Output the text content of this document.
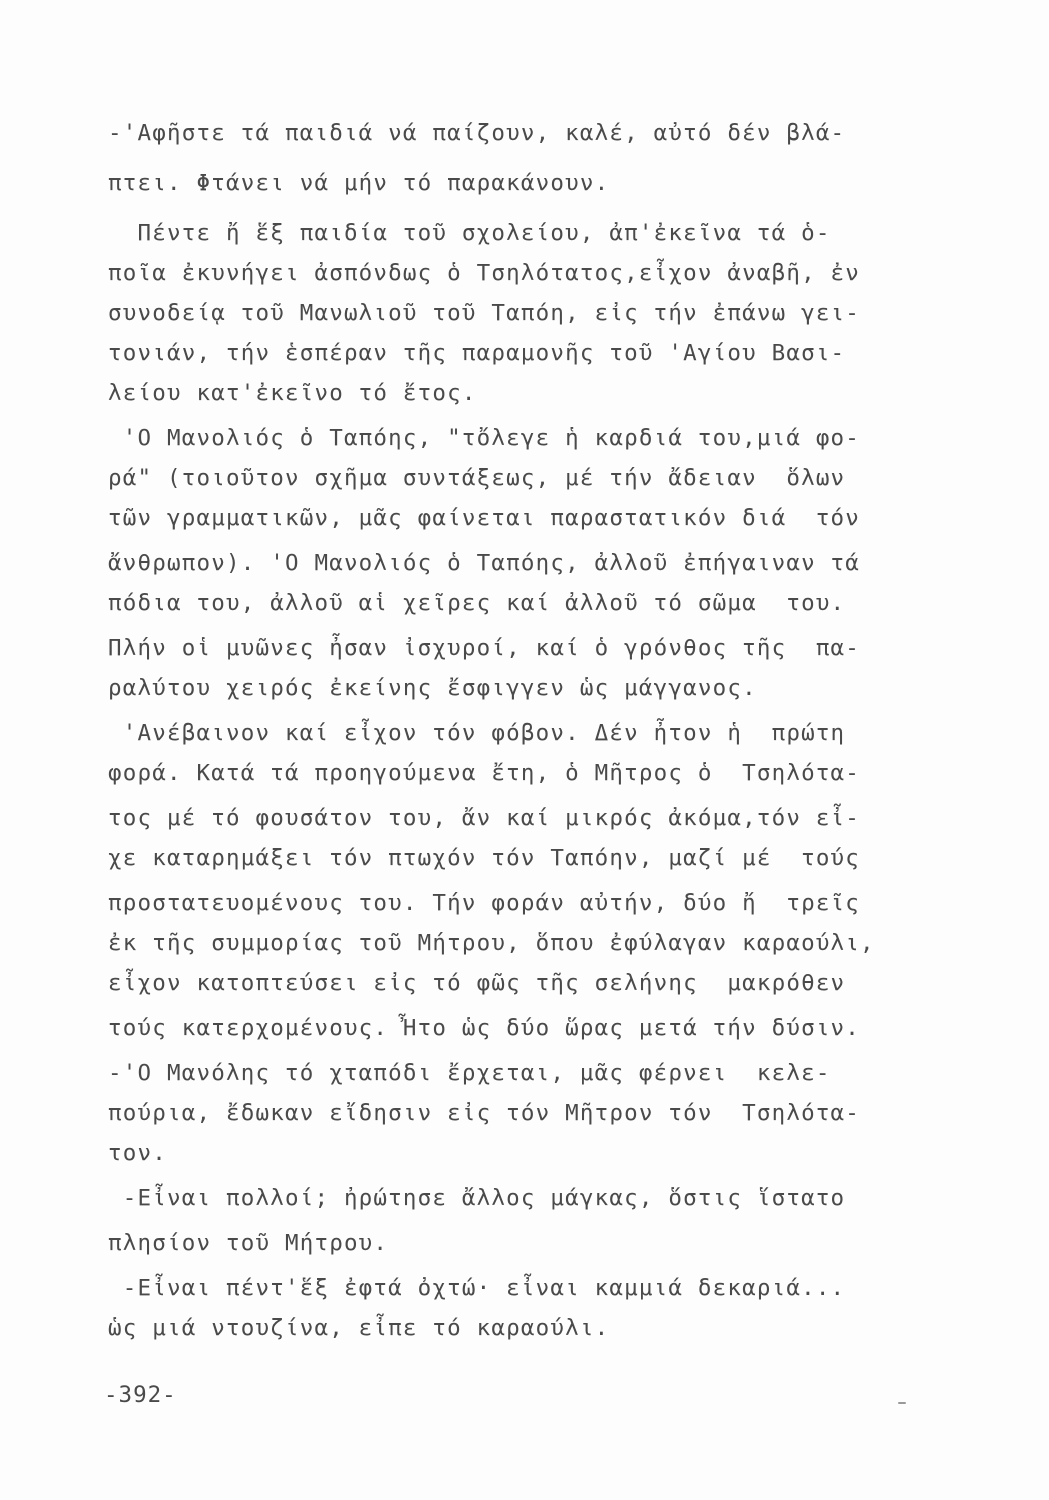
-'Αφῆστε τά παιδιά νά παίζουν, καλέ, αὐτό δέν βλά-
πτει. Φτάνει νά μήν τό παρακάνουν.
Πέντε ἤ ἕξ παιδία τοῦ σχολείου, ἀπ'ἐκεῖνα τά ὁ-
ποῖα ἐκυνήγει ἀσπόνδως ὁ Τσηλότατος,εἶχον ἀναβῆ, ἐν
συνοδείᾳ τοῦ Μανωλιοῦ τοῦ Ταπόη, εἰς τήν ἐπάνω γει-
τονιάν, τήν ἑσπέραν τῆς παραμονῆς τοῦ 'Αγίου Βασι-
λείου κατ'ἐκεῖνο τό ἔτος.
'Ο Μανολιός ὁ Ταπόης, "τὄλεγε ἡ καρδιά του,μιά φο-
ρά" (τοιοῦτον σχῆμα συντάξεως, μέ τήν ἄδειαν  ὅλων
τῶν γραμματικῶν, μᾶς φαίνεται παραστατικόν διά  τόν
ἄνθρωπον). 'Ο Μανολιός ὁ Ταπόης, ἀλλοῦ ἐπήγαιναν τά
πόδια του, ἀλλοῦ αἱ χεῖρες καί ἀλλοῦ τό σῶμα  του.
Πλήν οἱ μυῶνες ἦσαν ἰσχυροί, καί ὁ γρόνθος τῆς  πα-
ραλύτου χειρός ἐκείνης ἔσφιγγεν ὡς μάγγανος.
'Ανέβαινον καί εἶχον τόν φόβον. Δέν ἦτον ἡ  πρώτη
φορά. Κατά τά προηγούμενα ἔτη, ὁ Μῆτρος ὁ  Τσηλότα-
τος μέ τό φουσάτον του, ἄν καί μικρός ἀκόμα,τόν εἶ-
χε καταρημάξει τόν πτωχόν τόν Ταπόην, μαζί μέ  τούς
προστατευομένους του. Τήν φοράν αὐτήν, δύο ἤ  τρεῖς
ἐκ τῆς συμμορίας τοῦ Μήτρου, ὅπου ἐφύλαγαν καραούλι,
εἶχον κατοπτεύσει εἰς τό φῶς τῆς σελήνης  μακρόθεν
τούς κατερχομένους. Ἦτο ὡς δύο ὥρας μετά τήν δύσιν.
-'Ο Μανόλης τό χταπόδι ἔρχεται, μᾶς φέρνει  κελε-
πούρια, ἔδωκαν εἴδησιν εἰς τόν Μῆτρον τόν  Τσηλότα-
τον.
-Εἶναι πολλοί; ἠρώτησε ἄλλος μάγκας, ὅστις ἵστατο
πλησίον τοῦ Μήτρου.
-Εἶναι πέντ'ἕξ ἐφτά ὀχτώ· εἶναι καμμιά δεκαριά...
ὡς μιά ντουζίνα, εἶπε τό καραούλι.
-392-
